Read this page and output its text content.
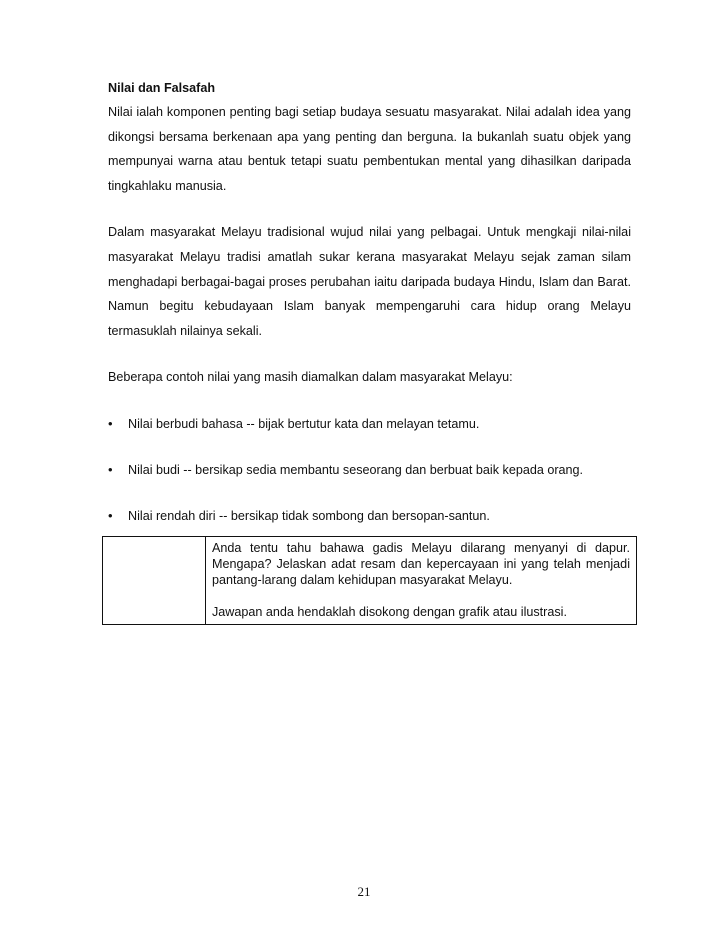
Nilai dan Falsafah

Nilai ialah komponen penting bagi setiap budaya sesuatu masyarakat. Nilai adalah idea yang dikongsi bersama berkenaan apa yang penting dan berguna. Ia bukanlah suatu objek yang mempunyai warna atau bentuk tetapi suatu pembentukan mental yang dihasilkan daripada tingkahlaku manusia.

Dalam masyarakat Melayu tradisional wujud nilai yang pelbagai. Untuk mengkaji nilai-nilai masyarakat Melayu tradisi amatlah sukar kerana masyarakat Melayu sejak zaman silam menghadapi berbagai-bagai proses perubahan iaitu daripada budaya Hindu, Islam dan Barat. Namun begitu kebudayaan Islam banyak mempengaruhi cara hidup orang Melayu termasuklah nilainya sekali.

Beberapa contoh nilai yang masih diamalkan dalam masyarakat Melayu:

• Nilai berbudi bahasa -- bijak bertutur kata dan melayan tetamu.
• Nilai budi -- bersikap sedia membantu seseorang dan berbuat baik kepada orang.
• Nilai rendah diri -- bersikap tidak sombong dan bersopan-santun.

Anda tentu tahu bahawa gadis Melayu dilarang menyanyi di dapur. Mengapa? Jelaskan adat resam dan kepercayaan ini yang telah menjadi pantang-larang dalam kehidupan masyarakat Melayu.

Jawapan anda hendaklah disokong dengan grafik atau ilustrasi.

21
